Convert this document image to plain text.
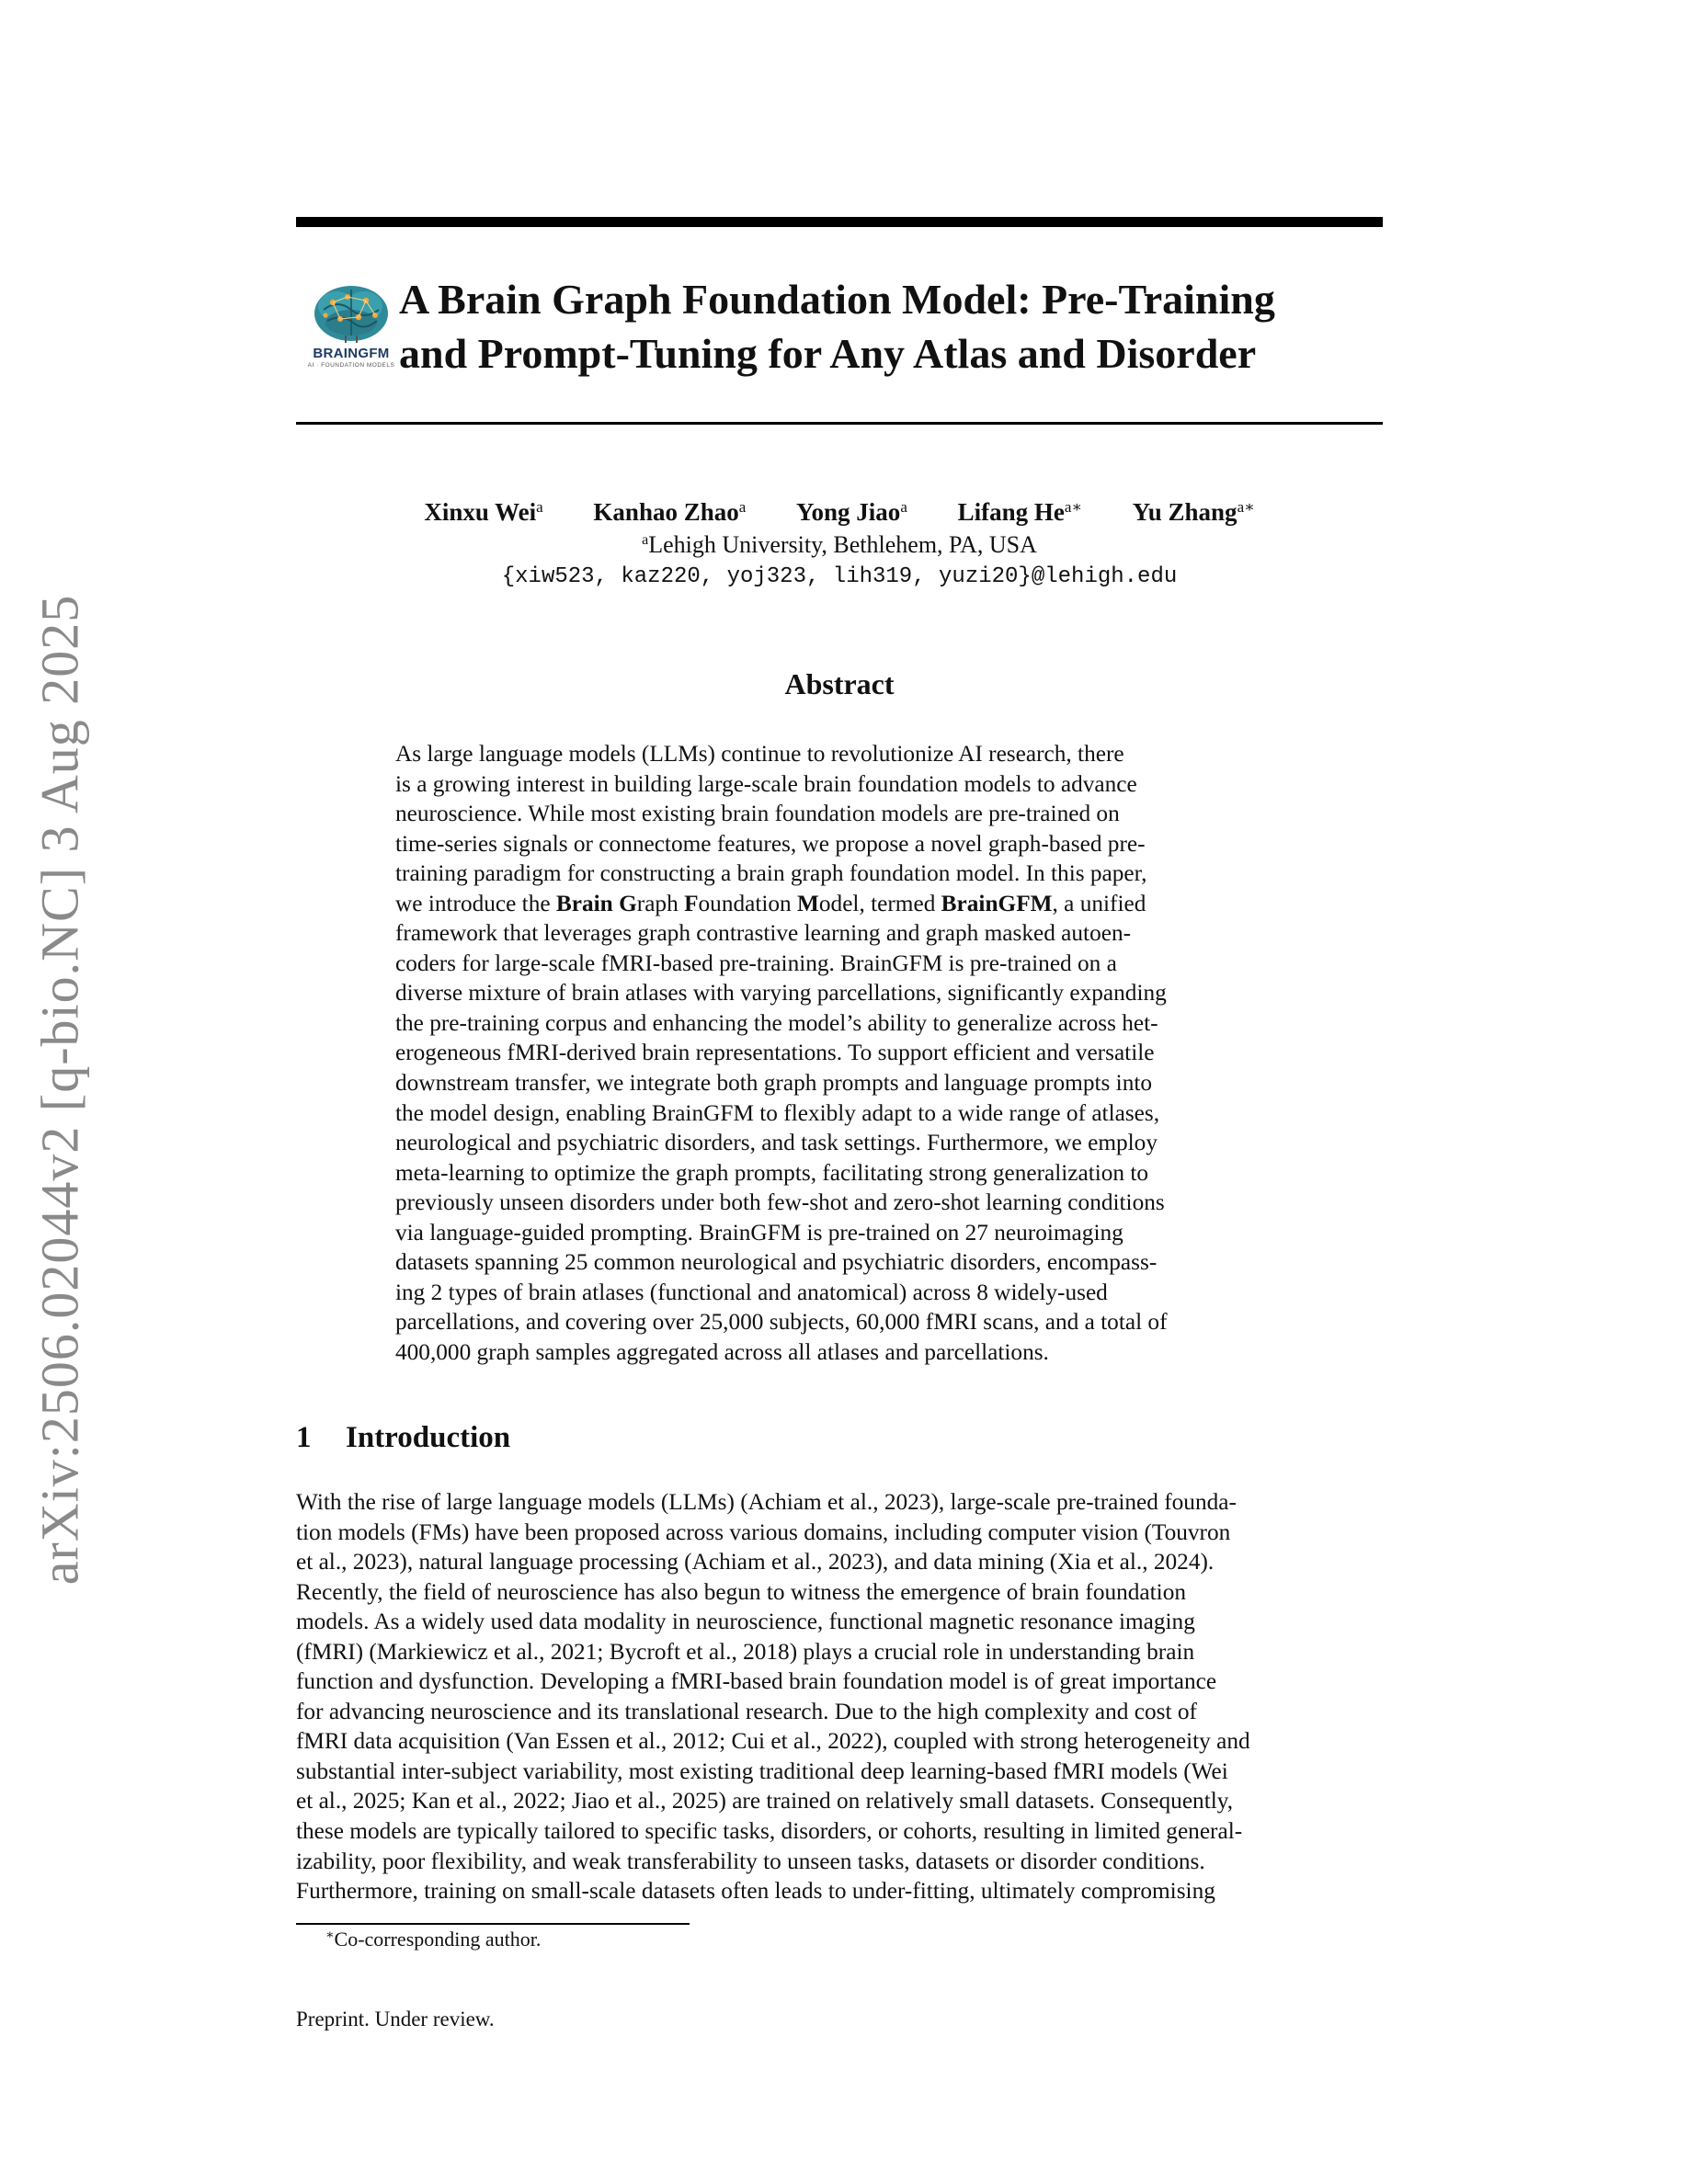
arXiv:2506.02044v2 [q-bio.NC] 3 Aug 2025
BRAINGFM
AI · FOUNDATION MODELS
A Brain Graph Foundation Model: Pre-Training
and Prompt-Tuning for Any Atlas and Disorder
Xinxu Wei$^a$ Kanhao Zhao$^a$ Yong Jiao$^a$ Lifang $He^{a∗}$ Yu Zhang$^{a∗}$
$^a$Lehigh University, Bethlehem, PA, USA
{xiw523, kaz220, yoj323, lih319, yuzi20}@lehigh.edu
Abstract
As large language models (LLMs) continue to revolutionize AI research, there
is a growing interest in building large-scale brain foundation models to advance
neuroscience. While most existing brain foundation models are pre-trained on
time-series signals or connectome features, we propose a novel graph-based pre-
training paradigm for constructing a brain graph foundation model. In this paper,
we introduce the Brain Graph Foundation Model, termed BrainGFM, a unified
framework that leverages graph contrastive learning and graph masked autoen-
coders for large-scale fMRI-based pre-training. BrainGFM is pre-trained on a
diverse mixture of brain atlases with varying parcellations, significantly expanding
the pre-training corpus and enhancing the model’s ability to generalize across het-
erogeneous fMRI-derived brain representations. To support efficient and versatile
downstream transfer, we integrate both graph prompts and language prompts into
the model design, enabling BrainGFM to flexibly adapt to a wide range of atlases,
neurological and psychiatric disorders, and task settings. Furthermore, we employ
meta-learning to optimize the graph prompts, facilitating strong generalization to
previously unseen disorders under both few-shot and zero-shot learning conditions
via language-guided prompting. BrainGFM is pre-trained on 27 neuroimaging
datasets spanning 25 common neurological and psychiatric disorders, encompass-
ing 2 types of brain atlases (functional and anatomical) across 8 widely-used
parcellations, and covering over 25,000 subjects, 60,000 fMRI scans, and a total of
400,000 graph samples aggregated across all atlases and parcellations.
1 Introduction
With the rise of large language models (LLMs) (Achiam et al., 2023), large-scale pre-trained founda-
tion models (FMs) have been proposed across various domains, including computer vision (Touvron
et al., 2023), natural language processing (Achiam et al., 2023), and data mining (Xia et al., 2024).
Recently, the field of neuroscience has also begun to witness the emergence of brain foundation
models. As a widely used data modality in neuroscience, functional magnetic resonance imaging
(fMRI) (Markiewicz et al., 2021; Bycroft et al., 2018) plays a crucial role in understanding brain
function and dysfunction. Developing a fMRI-based brain foundation model is of great importance
for advancing neuroscience and its translational research. Due to the high complexity and cost of
fMRI data acquisition (Van Essen et al., 2012; Cui et al., 2022), coupled with strong heterogeneity and
substantial inter-subject variability, most existing traditional deep learning-based fMRI models (Wei
et al., 2025; Kan et al., 2022; Jiao et al., 2025) are trained on relatively small datasets. Consequently,
these models are typically tailored to specific tasks, disorders, or cohorts, resulting in limited general-
izability, poor flexibility, and weak transferability to unseen tasks, datasets or disorder conditions.
Furthermore, training on small-scale datasets often leads to under-fitting, ultimately compromising
∗Co-corresponding author.
Preprint. Under review.
